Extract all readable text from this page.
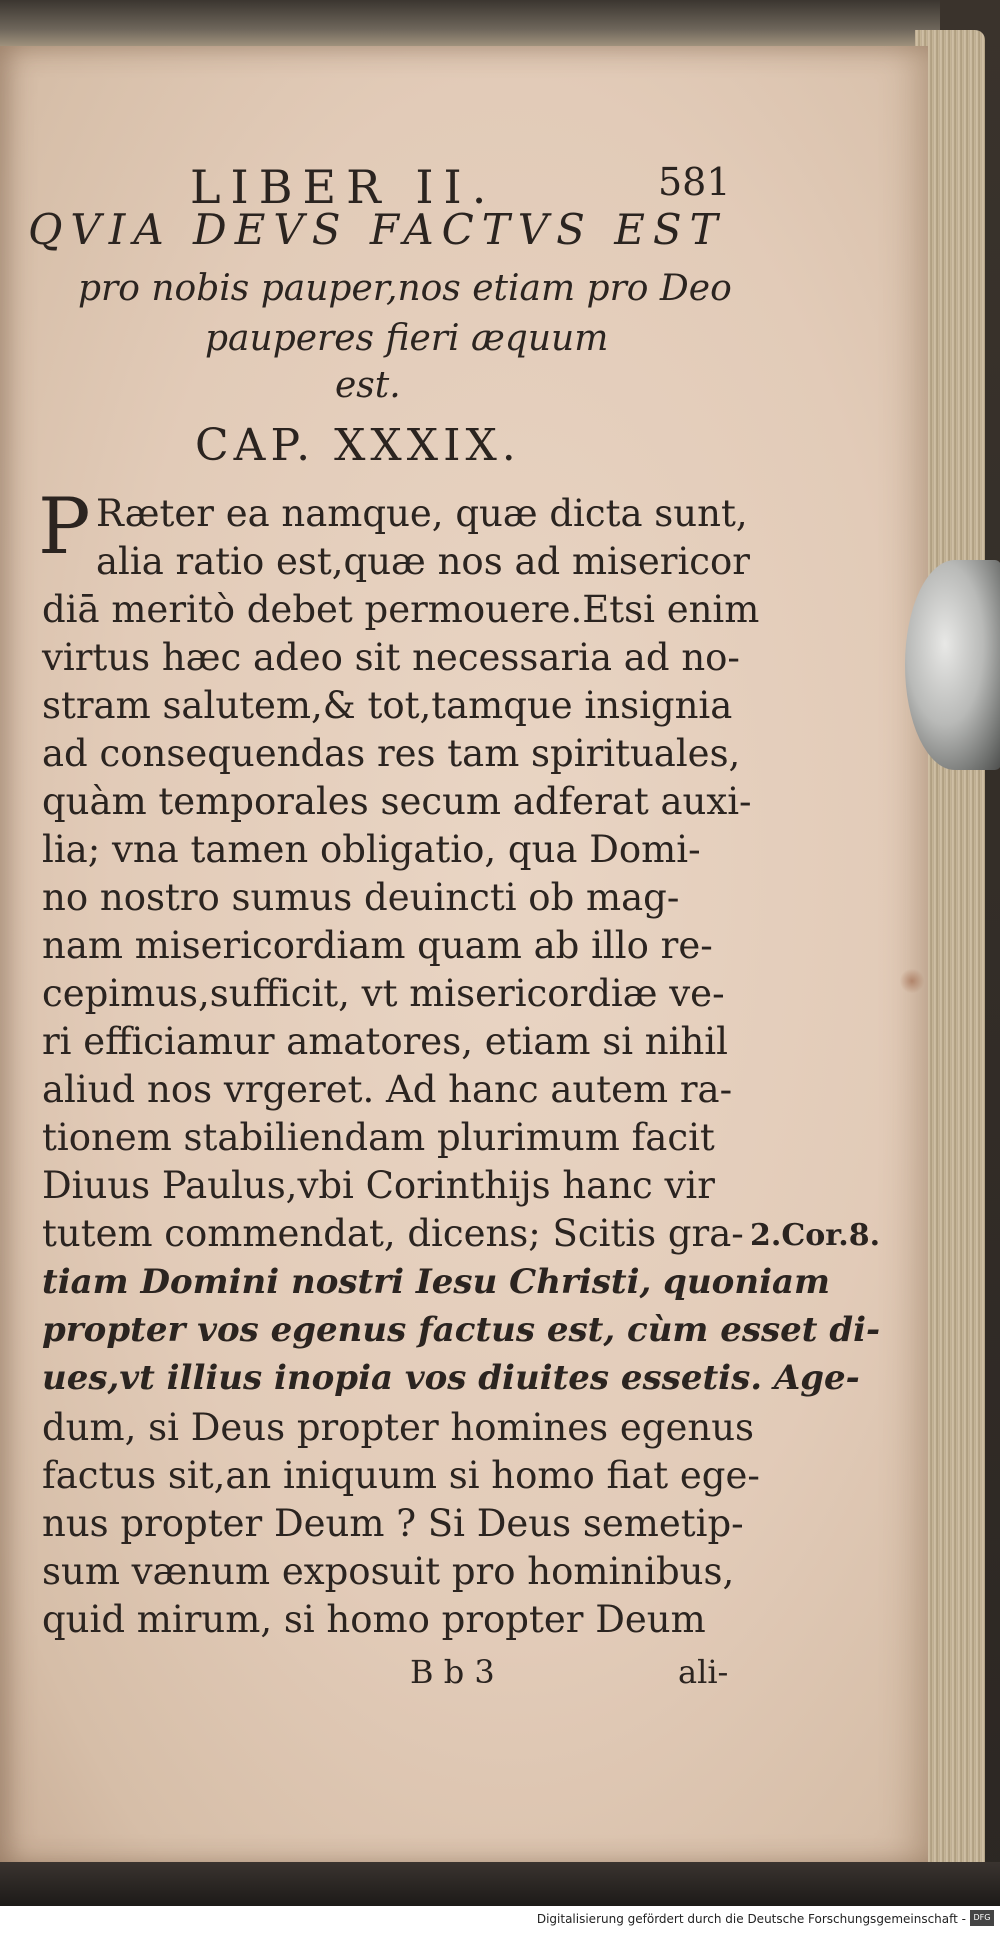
LIBER II.	581
QVIA DEVS FACTVS EST
pro nobis pauper,nos etiam pro Deo
pauperes fieri æquum
est.
CAP. XXXIX.
P Ræter ea namque, quæ dicta sunt,
alia ratio est,quæ nos ad misericor
diā meritò debet permouere.Etsi enim
virtus hæc adeo sit necessaria ad no-
stram salutem,& tot,tamque insignia
ad consequendas res tam spirituales,
quàm temporales secum adferat auxi-
lia; vna tamen obligatio, qua Domi-
no nostro sumus deuincti ob mag-
nam misericordiam quam ab illo re-
cepimus,sufficit, vt misericordiæ ve-
ri efficiamur amatores, etiam si nihil
aliud nos vrgeret. Ad hanc autem ra-
tionem stabiliendam plurimum facit
Diuus Paulus,vbi Corinthijs hanc vir
tutem commendat, dicens; Scitis gra-
tiam Domini nostri Iesu Christi, quoniam
propter vos egenus factus est, cùm esset di-
ues,vt illius inopia vos diuites essetis. Age-
dum, si Deus propter homines egenus
factus sit,an iniquum si homo fiat ege-
nus propter Deum ? Si Deus semetip-
sum vænum exposuit pro hominibus,
quid mirum, si homo propter Deum
2.Cor.8.
B b 3	ali-
Digitalisierung gefördert durch die Deutsche Forschungsgemeinschaft - DFG
